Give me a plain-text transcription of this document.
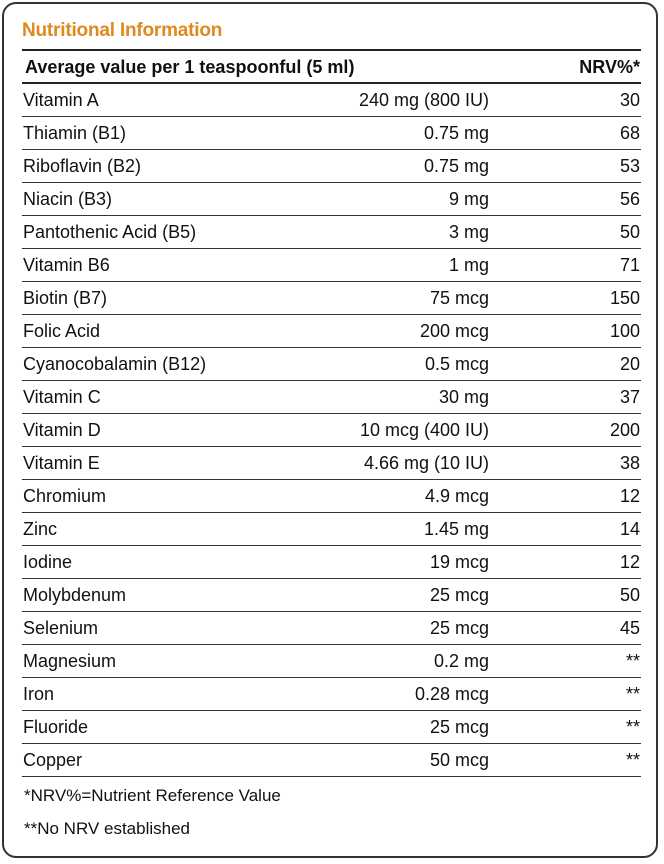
Nutritional Information
Average value per 1 teaspoonful (5 ml)	NRV%*
Vitamin A	240 mg (800 IU)	30
Thiamin (B1)	0.75 mg	68
Riboflavin (B2)	0.75 mg	53
Niacin (B3)	9 mg	56
Pantothenic Acid (B5)	3 mg	50
Vitamin B6	1 mg	71
Biotin (B7)	75 mcg	150
Folic Acid	200 mcg	100
Cyanocobalamin (B12)	0.5 mcg	20
Vitamin C	30 mg	37
Vitamin D	10 mcg (400 IU)	200
Vitamin E	4.66 mg (10 IU)	38
Chromium	4.9 mcg	12
Zinc	1.45 mg	14
Iodine	19 mcg	12
Molybdenum	25 mcg	50
Selenium	25 mcg	45
Magnesium	0.2 mg	**
Iron	0.28 mcg	**
Fluoride	25 mcg	**
Copper	50 mcg	**
*NRV%=Nutrient Reference Value
**No NRV established
